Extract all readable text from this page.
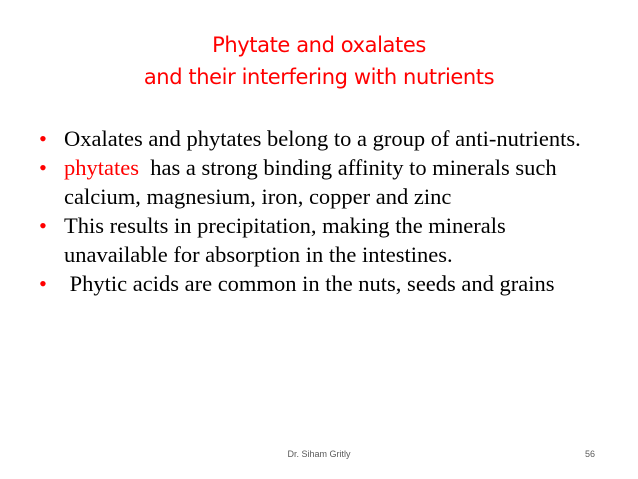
Phytate and oxalates
and their interfering with nutrients
• Oxalates and phytates belong to a group of anti-nutrients.
• phytates  has a strong binding affinity to minerals such calcium, magnesium, iron, copper and zinc
• This results in precipitation, making the minerals unavailable for absorption in the intestines.
• Phytic acids are common in the nuts, seeds and grains
Dr. Siham Gritly	56
